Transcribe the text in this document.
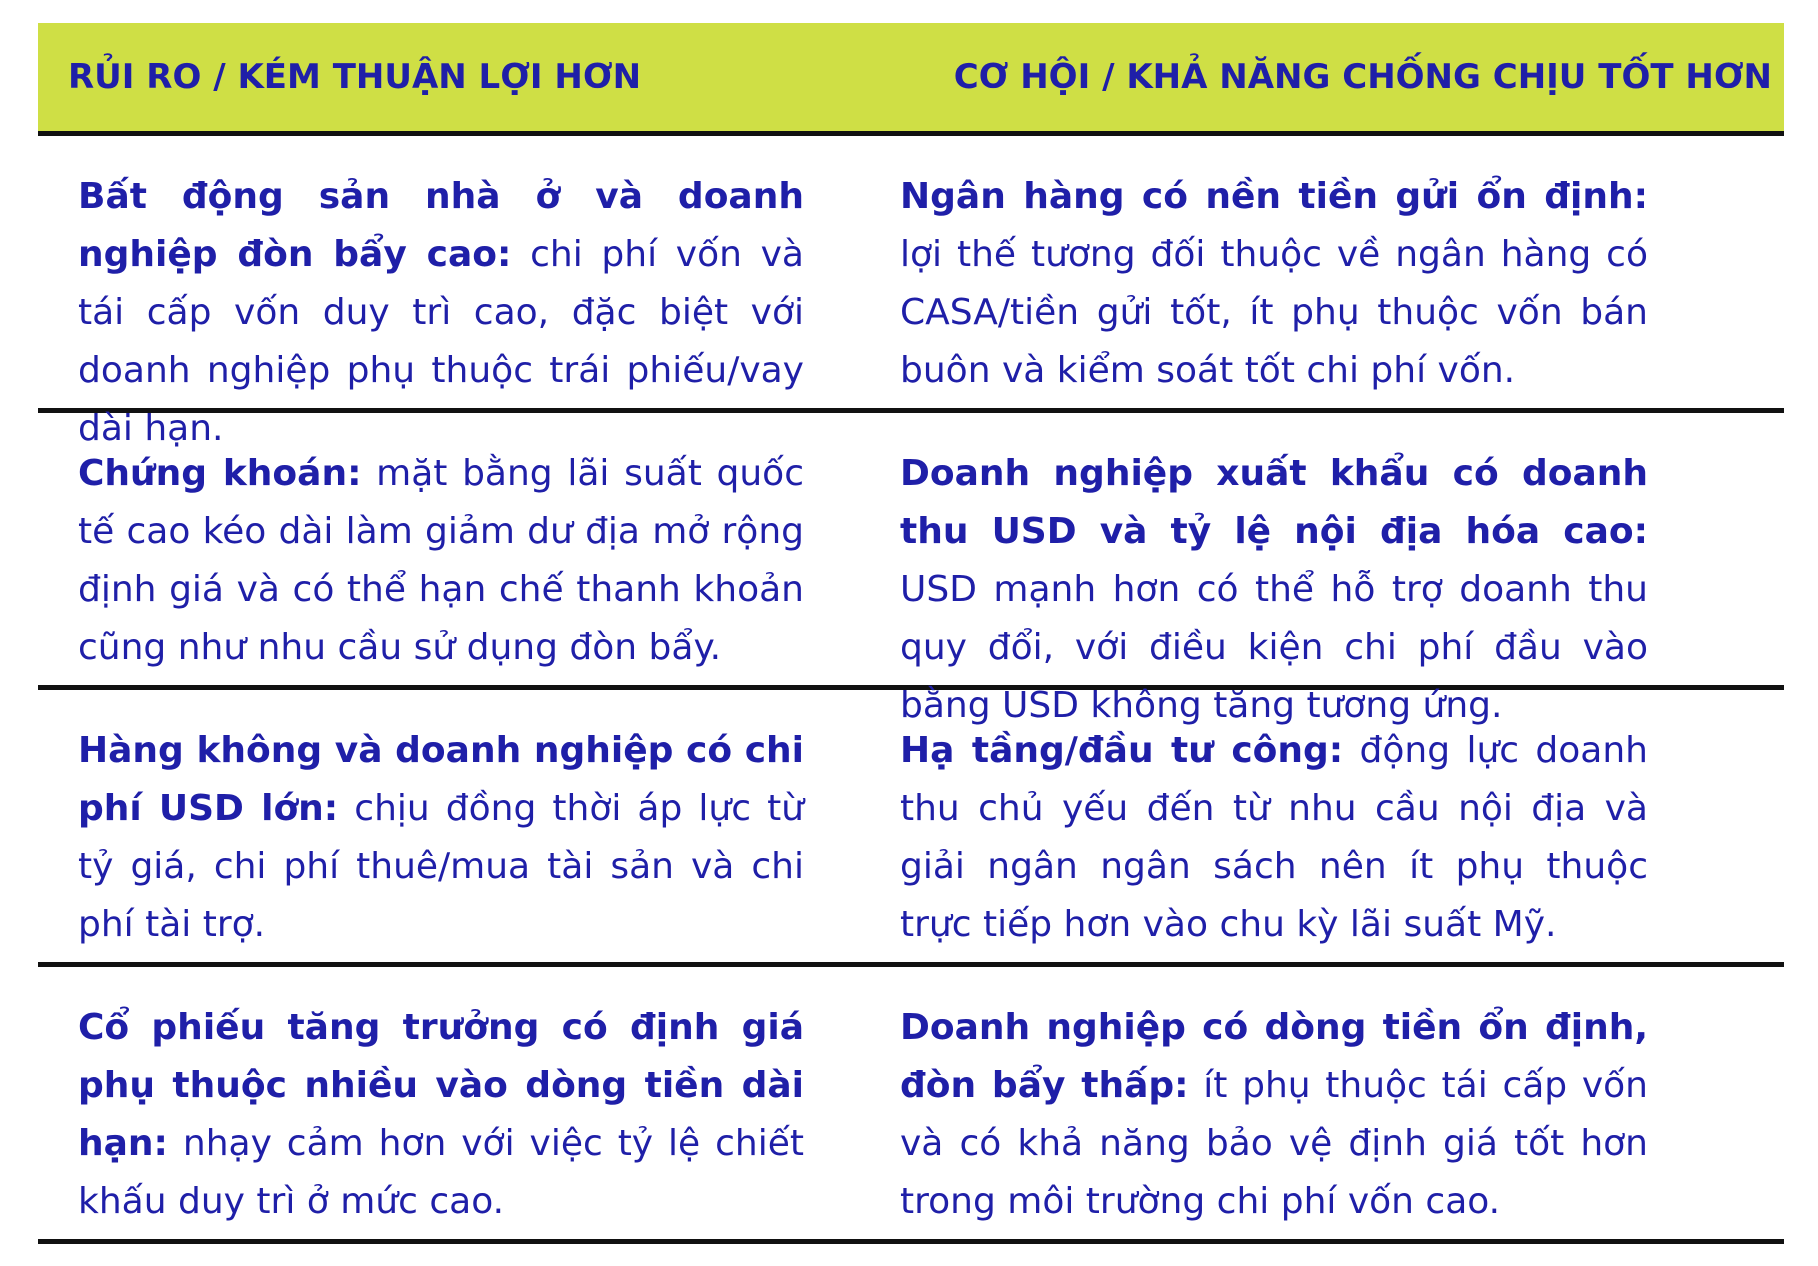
RỦI RO / KÉM THUẬN LỢI HƠN	CƠ HỘI / KHẢ NĂNG CHỐNG CHỊU TỐT HƠN
Bất động sản nhà ở và doanh nghiệp đòn bẩy cao: chi phí vốn và tái cấp vốn duy trì cao, đặc biệt với doanh nghiệp phụ thuộc trái phiếu/vay dài hạn.
Ngân hàng có nền tiền gửi ổn định: lợi thế tương đối thuộc về ngân hàng có CASA/tiền gửi tốt, ít phụ thuộc vốn bán buôn và kiểm soát tốt chi phí vốn.
Chứng khoán: mặt bằng lãi suất quốc tế cao kéo dài làm giảm dư địa mở rộng định giá và có thể hạn chế thanh khoản cũng như nhu cầu sử dụng đòn bẩy.
Doanh nghiệp xuất khẩu có doanh thu USD và tỷ lệ nội địa hóa cao: USD mạnh hơn có thể hỗ trợ doanh thu quy đổi, với điều kiện chi phí đầu vào bằng USD không tăng tương ứng.
Hàng không và doanh nghiệp có chi phí USD lớn: chịu đồng thời áp lực từ tỷ giá, chi phí thuê/mua tài sản và chi phí tài trợ.
Hạ tầng/đầu tư công: động lực doanh thu chủ yếu đến từ nhu cầu nội địa và giải ngân ngân sách nên ít phụ thuộc trực tiếp hơn vào chu kỳ lãi suất Mỹ.
Cổ phiếu tăng trưởng có định giá phụ thuộc nhiều vào dòng tiền dài hạn: nhạy cảm hơn với việc tỷ lệ chiết khấu duy trì ở mức cao.
Doanh nghiệp có dòng tiền ổn định, đòn bẩy thấp: ít phụ thuộc tái cấp vốn và có khả năng bảo vệ định giá tốt hơn trong môi trường chi phí vốn cao.
